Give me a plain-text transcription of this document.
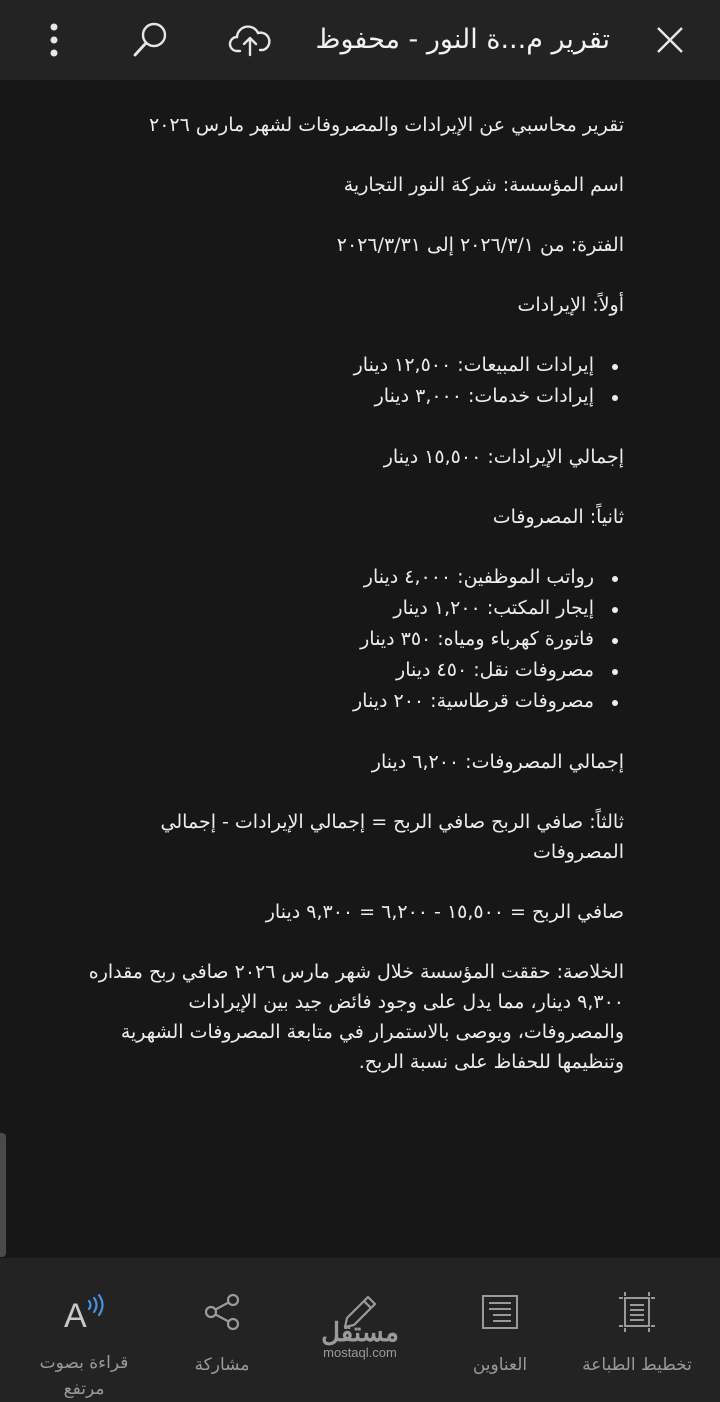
تقرير م...ة النور - محفوظ

تقرير محاسبي عن الإيرادات والمصروفات لشهر مارس ٢٠٢٦

اسم المؤسسة: شركة النور التجارية

الفترة: من ٢٠٢٦/٣/١ إلى ٢٠٢٦/٣/٣١

أولاً: الإيرادات

إيرادات المبيعات: ١٢,٥٠٠ دينار
إيرادات خدمات: ٣,٠٠٠ دينار

إجمالي الإيرادات: ١٥,٥٠٠ دينار

ثانياً: المصروفات

رواتب الموظفين: ٤,٠٠٠ دينار
إيجار المكتب: ١,٢٠٠ دينار
فاتورة كهرباء ومياه: ٣٥٠ دينار
مصروفات نقل: ٤٥٠ دينار
مصروفات قرطاسية: ٢٠٠ دينار

إجمالي المصروفات: ٦,٢٠٠ دينار

ثالثاً: صافي الربح صافي الربح = إجمالي الإيرادات - إجمالي المصروفات

صافي الربح = ١٥,٥٠٠ - ٦,٢٠٠ = ٩,٣٠٠ دينار

الخلاصة: حققت المؤسسة خلال شهر مارس ٢٠٢٦ صافي ربح مقداره ٩,٣٠٠ دينار، مما يدل على وجود فائض جيد بين الإيرادات والمصروفات، ويوصى بالاستمرار في متابعة المصروفات الشهرية وتنظيمها للحفاظ على نسبة الربح.

تخطيط الطباعة
العناوين
مشاركة
A
قراءة بصوت مرتفع
مستقل
mostaql.com
